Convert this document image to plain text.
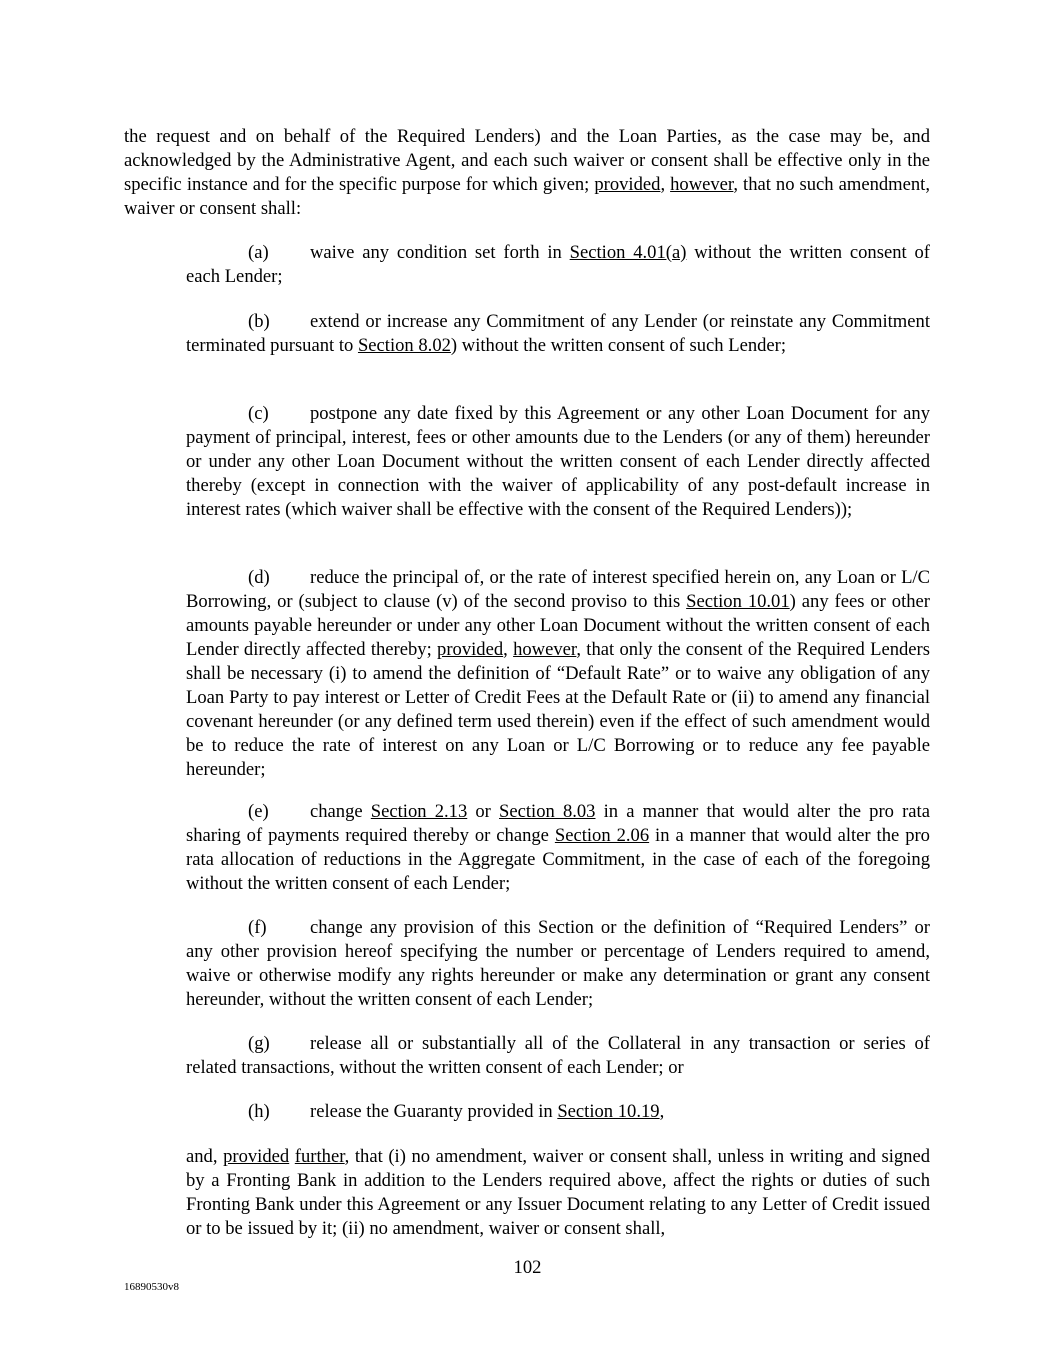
the request and on behalf of the Required Lenders) and the Loan Parties, as the case may be, and acknowledged by the Administrative Agent, and each such waiver or consent shall be effective only in the specific instance and for the specific purpose for which given; provided, however, that no such amendment, waiver or consent shall:

(a) waive any condition set forth in Section 4.01(a) without the written consent of each Lender;

(b) extend or increase any Commitment of any Lender (or reinstate any Commitment terminated pursuant to Section 8.02) without the written consent of such Lender;

(c) postpone any date fixed by this Agreement or any other Loan Document for any payment of principal, interest, fees or other amounts due to the Lenders (or any of them) hereunder or under any other Loan Document without the written consent of each Lender directly affected thereby (except in connection with the waiver of applicability of any post-default increase in interest rates (which waiver shall be effective with the consent of the Required Lenders));

(d) reduce the principal of, or the rate of interest specified herein on, any Loan or L/C Borrowing, or (subject to clause (v) of the second proviso to this Section 10.01) any fees or other amounts payable hereunder or under any other Loan Document without the written consent of each Lender directly affected thereby; provided, however, that only the consent of the Required Lenders shall be necessary (i) to amend the definition of “Default Rate” or to waive any obligation of any Loan Party to pay interest or Letter of Credit Fees at the Default Rate or (ii) to amend any financial covenant hereunder (or any defined term used therein) even if the effect of such amendment would be to reduce the rate of interest on any Loan or L/C Borrowing or to reduce any fee payable hereunder;

(e) change Section 2.13 or Section 8.03 in a manner that would alter the pro rata sharing of payments required thereby or change Section 2.06 in a manner that would alter the pro rata allocation of reductions in the Aggregate Commitment, in the case of each of the foregoing without the written consent of each Lender;

(f) change any provision of this Section or the definition of “Required Lenders” or any other provision hereof specifying the number or percentage of Lenders required to amend, waive or otherwise modify any rights hereunder or make any determination or grant any consent hereunder, without the written consent of each Lender;

(g) release all or substantially all of the Collateral in any transaction or series of related transactions, without the written consent of each Lender; or

(h) release the Guaranty provided in Section 10.19,

and, provided further, that (i) no amendment, waiver or consent shall, unless in writing and signed by a Fronting Bank in addition to the Lenders required above, affect the rights or duties of such Fronting Bank under this Agreement or any Issuer Document relating to any Letter of Credit issued or to be issued by it; (ii) no amendment, waiver or consent shall,

102
16890530v8
